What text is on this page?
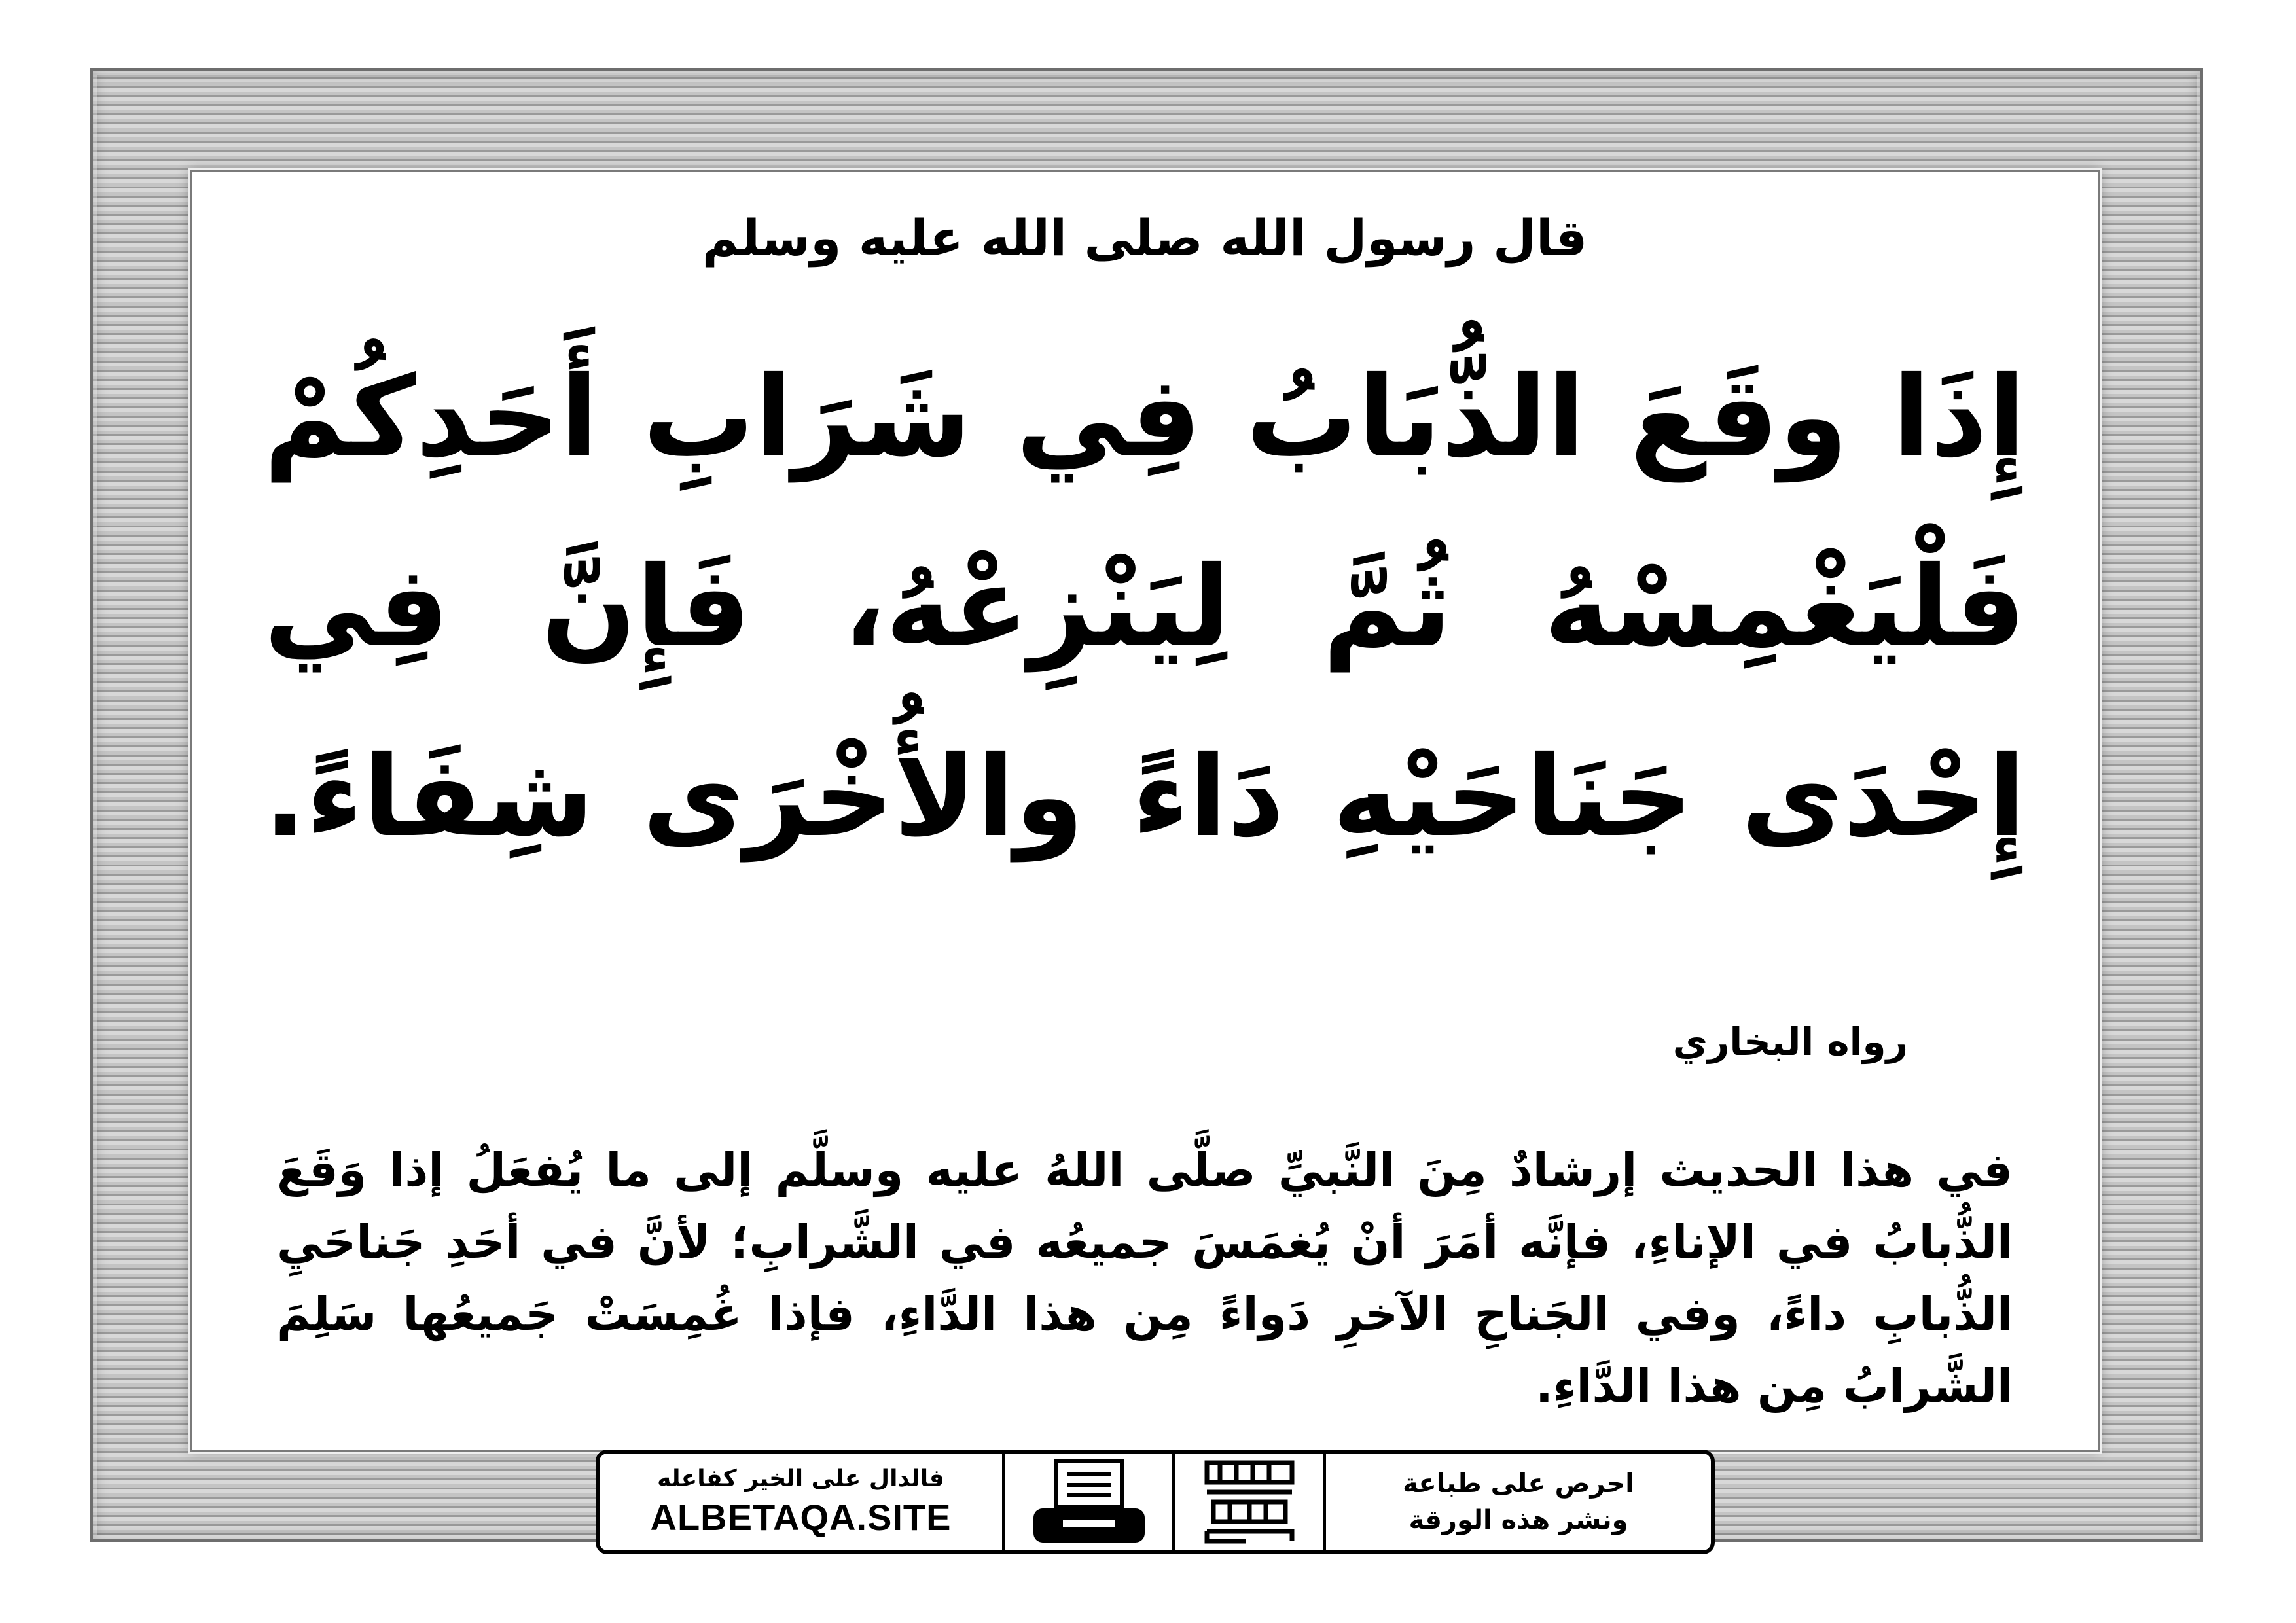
قال رسول الله صلى الله عليه وسلم
إِذَا وقَعَ الذُّبَابُ فِي شَرَابِ أَحَدِكُمْ
فَلْيَغْمِسْهُ ثُمَّ لِيَنْزِعْهُ، فَإِنَّ فِي
إِحْدَى جَنَاحَيْهِ دَاءً والأُخْرَى شِفَاءً.
رواه البخاري
في هذا الحديث إرشادٌ مِنَ النَّبيِّ صلَّى اللهُ عليه وسلَّم إلى ما يُفعَلُ إذا وَقَعَ الذُّبابُ في الإناءِ، فإنَّه أمَرَ أنْ يُغمَسَ جميعُه في الشَّرابِ؛ لأنَّ في أحَدِ جَناحَيِ الذُّبابِ داءً، وفي الجَناحِ الآخرِ دَواءً مِن هذا الدَّاءِ، فإذا غُمِسَتْ جَميعُها سَلِمَ الشَّرابُ مِن هذا الدَّاءِ.
فالدال على الخير كفاعله
ALBETAQA.SITE
احرص على طباعة
ونشر هذه الورقة
